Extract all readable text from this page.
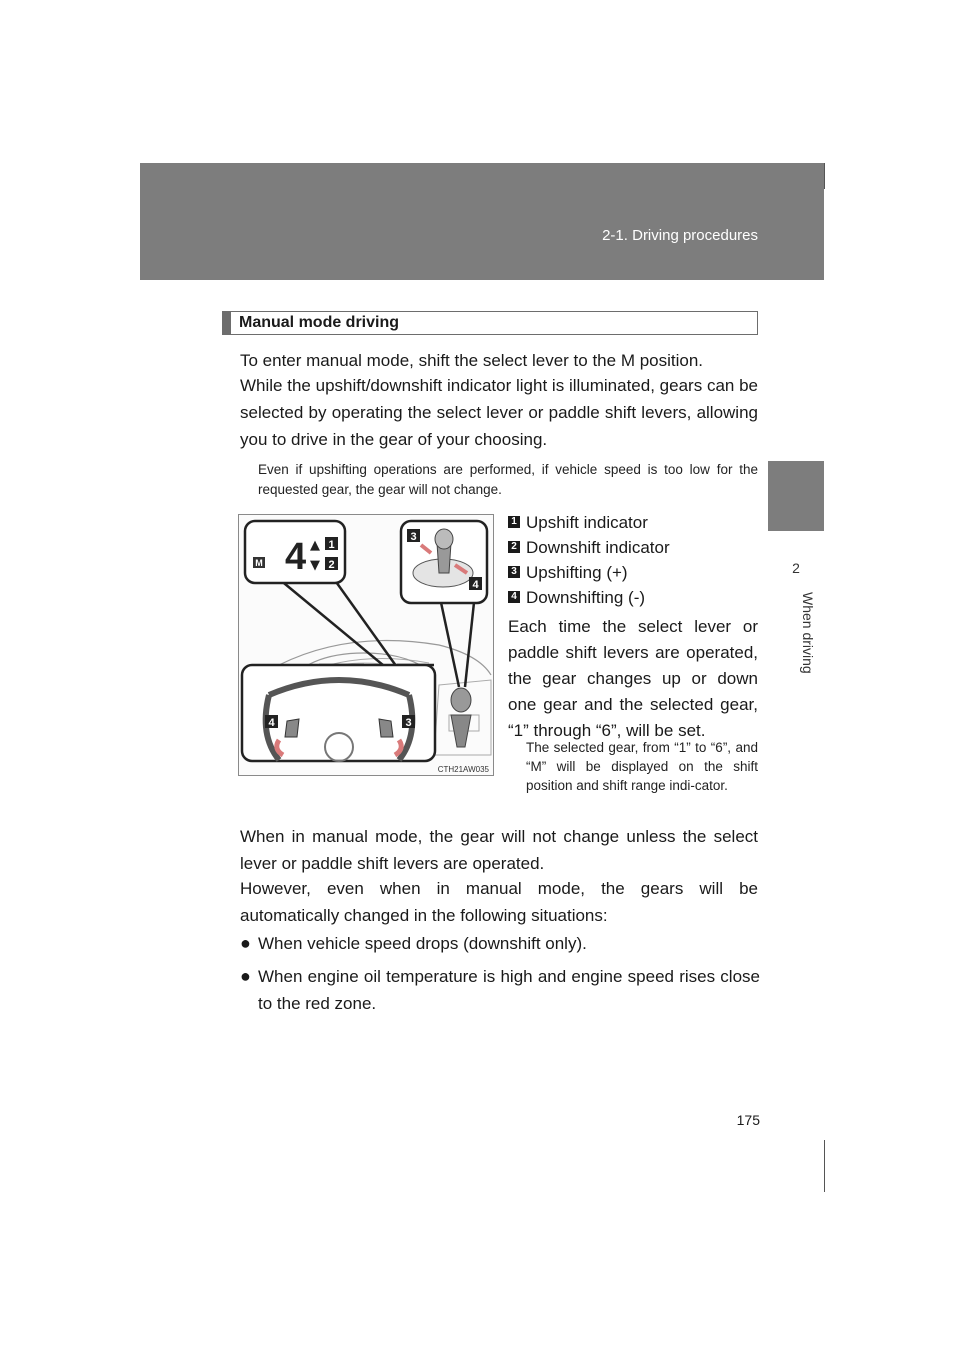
2-1. Driving procedures
2
When driving
Manual mode driving
To enter manual mode, shift the select lever to the M position.
While the upshift/downshift indicator light is illuminated, gears can be selected by operating the select lever or paddle shift levers, allowing you to drive in the gear of your choosing.
Even if upshifting operations are performed, if vehicle speed is too low for the requested gear, the gear will not change.
M 4 ▲
▼
1
2
3
4
4	3
CTH21AW035
1 Upshift indicator
2 Downshift indicator
3 Upshifting (+)
4 Downshifting (-)
Each time the select lever or paddle shift levers are operated, the gear changes up or down one gear and the selected gear, “1” through “6”, will be set.
The selected gear, from “1” to “6”, and “M” will be displayed on the shift position and shift range indi-cator.
When in manual mode, the gear will not change unless the select lever or paddle shift levers are operated.
However, even when in manual mode, the gears will be automatically changed in the following situations:
● When vehicle speed drops (downshift only).
● When engine oil temperature is high and engine speed rises close to the red zone.
175
